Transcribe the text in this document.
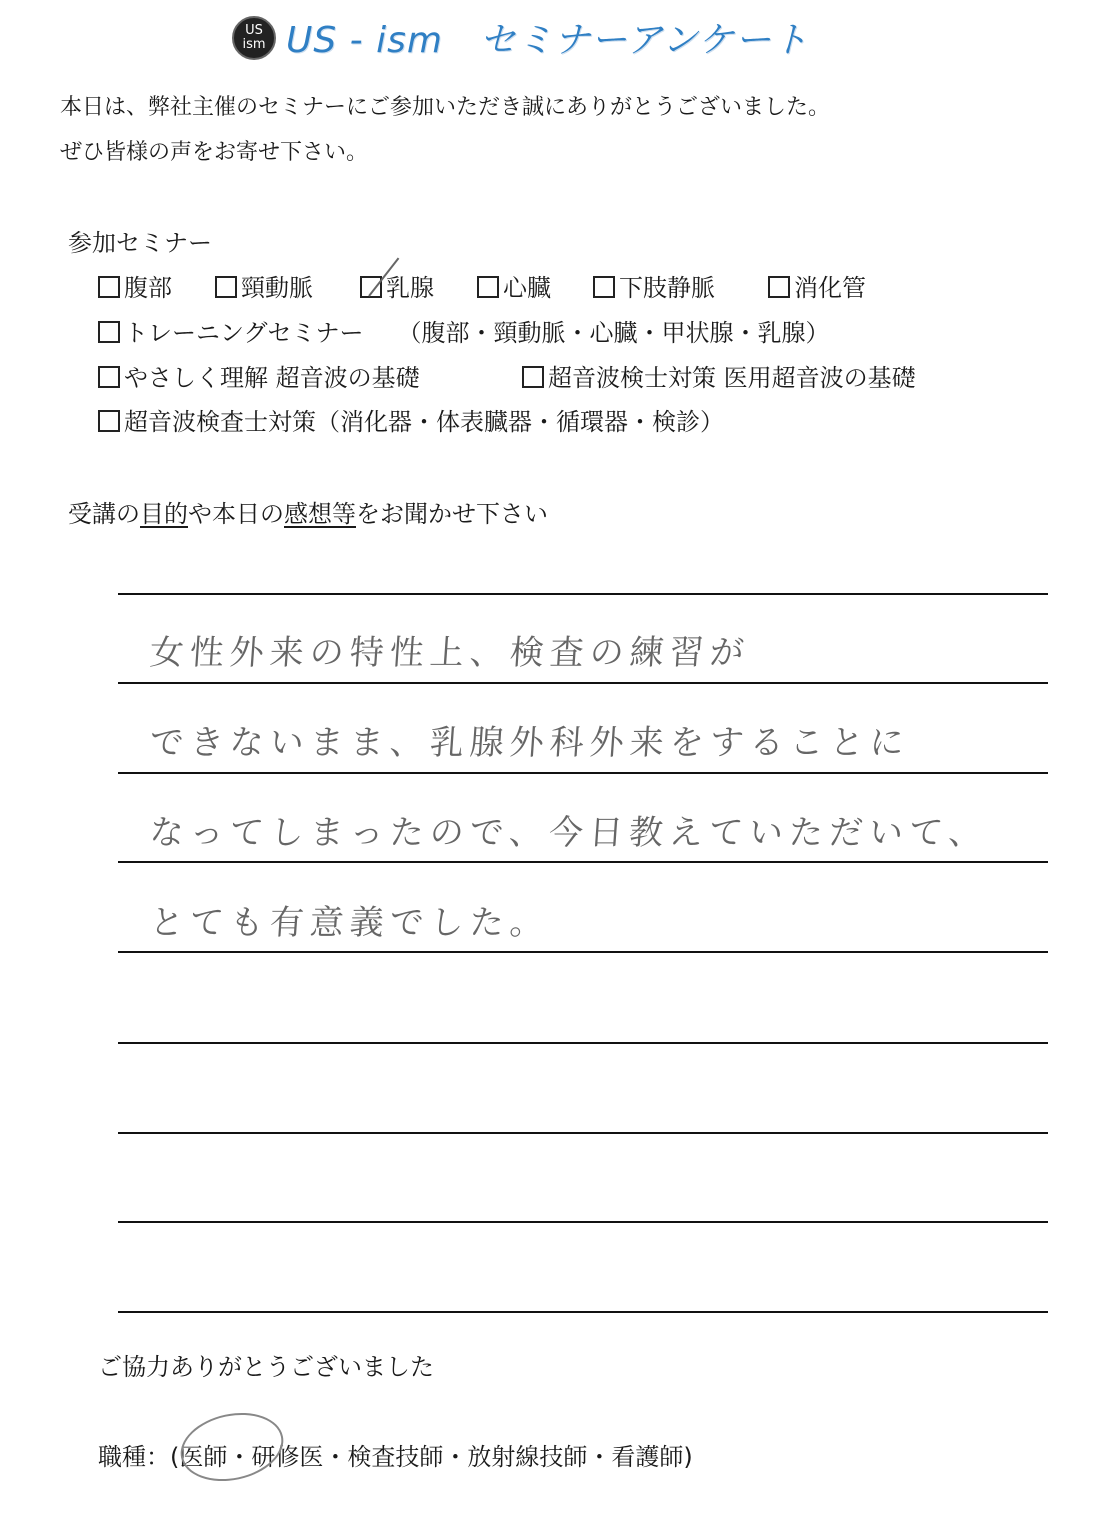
US
ism US - ism　セミナーアンケート
本日は、弊社主催のセミナーにご参加いただき誠にありがとうございました。
ぜひ皆様の声をお寄せ下さい。
参加セミナー
腹部	頸動脈	乳腺	心臓	下肢静脈	消化管
トレーニングセミナー （腹部・頸動脈・心臓・甲状腺・乳腺）
やさしく理解 超音波の基礎	超音波検士対策 医用超音波の基礎
超音波検査士対策（消化器・体表臓器・循環器・検診）
受講の目的や本日の感想等をお聞かせ下さい
女性外来の特性上、検査の練習が
できないまま、乳腺外科外来をすることに
なってしまったので、今日教えていただいて、
とても有意義でした。
ご協力ありがとうございました
職種：(医師・研修医・検査技師・放射線技師・看護師)
